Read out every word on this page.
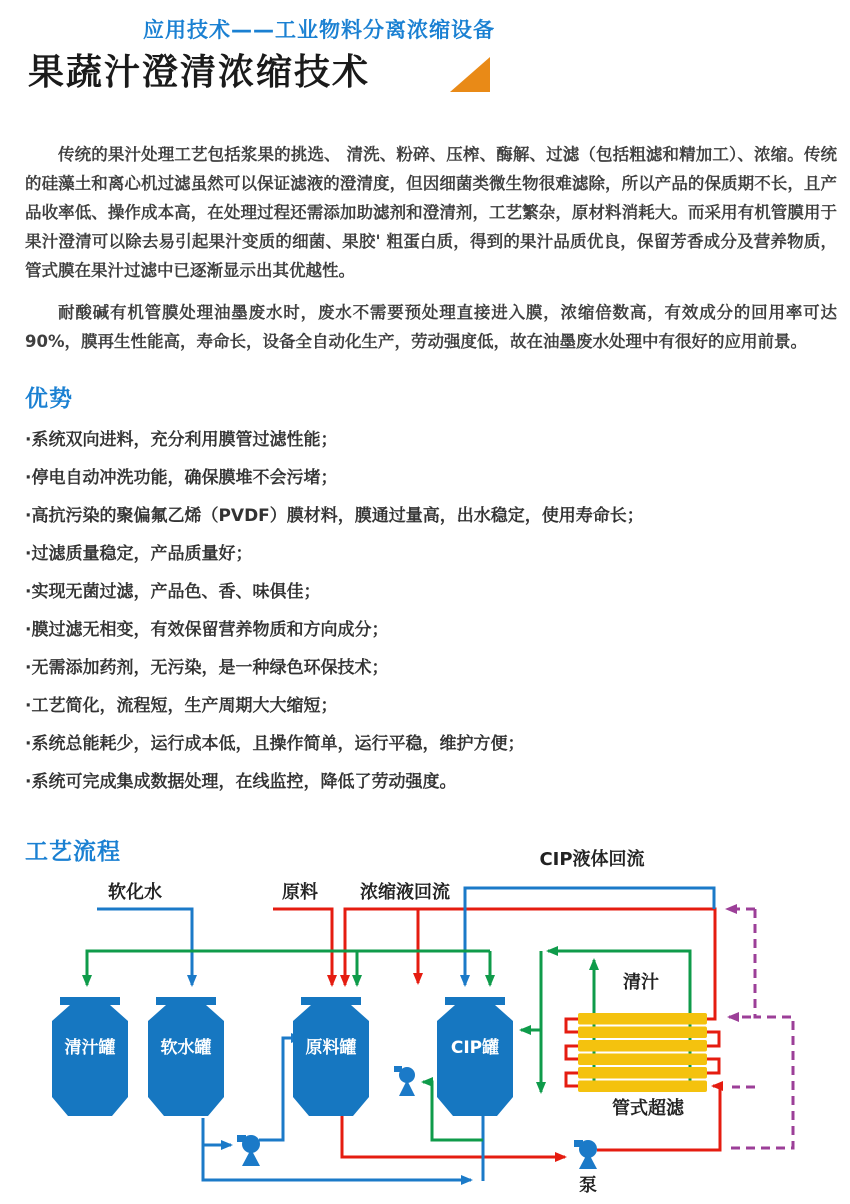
应用技术——工业物料分离浓缩设备
果蔬汁澄清浓缩技术
传统的果汁处理工艺包括浆果的挑选、 清洗、粉碎、压榨、酶解、过滤（包括粗滤和精加工）、浓缩。传统的硅藻土和离心机过滤虽然可以保证滤液的澄清度，但因细菌类微生物很难滤除，所以产品的保质期不长，且产品收率低、操作成本高，在处理过程还需添加助滤剂和澄清剂，工艺繁杂，原材料消耗大。而采用有机管膜用于果汁澄清可以除去易引起果汁变质的细菌、果胶' 粗蛋白质，得到的果汁品质优良，保留芳香成分及营养物质，管式膜在果汁过滤中已逐渐显示出其优越性。
耐酸碱有机管膜处理油墨废水时，废水不需要预处理直接进入膜，浓缩倍数高，有效成分的回用率可达90%，膜再生性能高，寿命长，设备全自动化生产，劳动强度低，故在油墨废水处理中有很好的应用前景。
优势
·系统双向进料，充分利用膜管过滤性能；
·停电自动冲洗功能，确保膜堆不会污堵；
·高抗污染的聚偏氟乙烯（PVDF）膜材料，膜通过量高，出水稳定，使用寿命长；
·过滤质量稳定，产品质量好；
·实现无菌过滤，产品色、香、味俱佳；
·膜过滤无相变，有效保留营养物质和方向成分；
·无需添加药剂，无污染，是一种绿色环保技术；
·工艺简化，流程短，生产周期大大缩短；
·系统总能耗少，运行成本低，且操作简单，运行平稳，维护方便；
·系统可完成集成数据处理，在线监控，降低了劳动强度。
工艺流程
清汁罐	软水罐	原料罐	CIP罐
软化水	原料 浓缩液回流
CIP液体回流
清汁
管式超滤
泵
